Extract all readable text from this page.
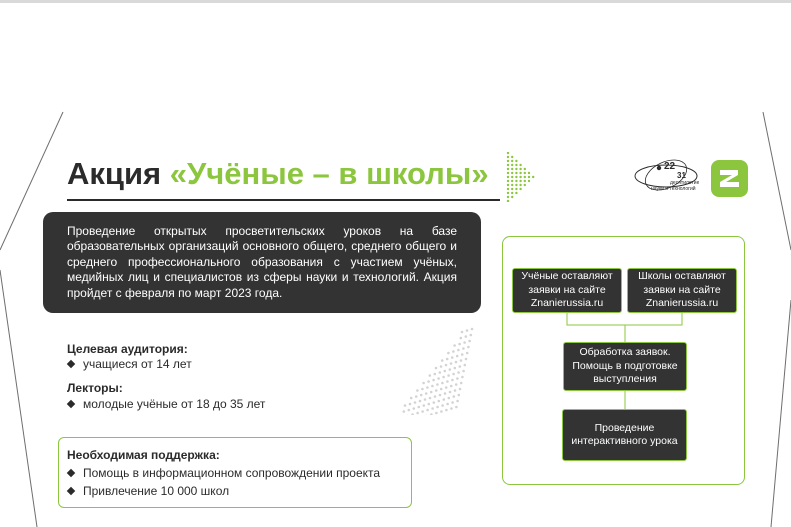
Акция «Учёные – в школы»	22
31
десятилетие
науки и технологий
Проведение открытых просветительских уроков на базе образовательных организаций основного общего, среднего общего и среднего профессионального образования с участием учёных, медийных лиц и специалистов из сферы науки и технологий. Акция пройдет с февраля по март 2023 года.
Целевая аудитория:
учащиеся от 14 лет
Лекторы:
молодые учёные от 18 до 35 лет
Необходимая поддержка:
Помощь в информационном сопровождении проекта
Привлечение 10 000 школ
Учёные оставляют заявки на сайте Znanierussia.ru
Школы оставляют заявки на сайте Znanierussia.ru
Обработка заявок. Помощь в подготовке выступления
Проведение интерактивного урока
